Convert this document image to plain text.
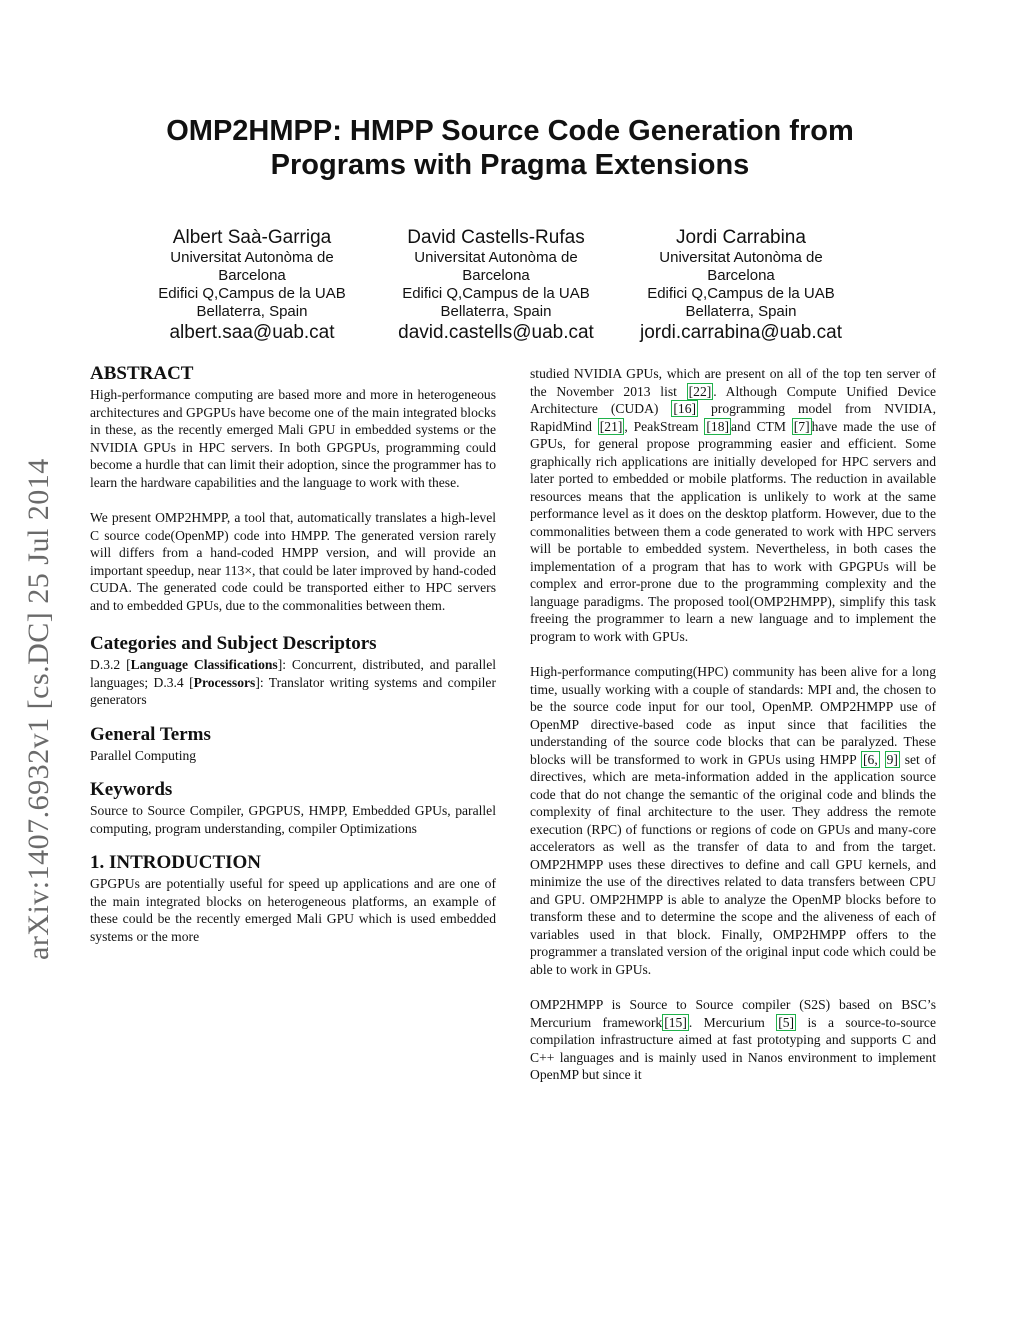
arXiv:1407.6932v1 [cs.DC] 25 Jul 2014
OMP2HMPP: HMPP Source Code Generation from
Programs with Pragma Extensions
Albert Saà-Garriga
Universitat Autonòma de
Barcelona
Edifici Q,Campus de la UAB
Bellaterra, Spain
albert.saa@uab.cat
David Castells-Rufas
Universitat Autonòma de
Barcelona
Edifici Q,Campus de la UAB
Bellaterra, Spain
david.castells@uab.cat
Jordi Carrabina
Universitat Autonòma de
Barcelona
Edifici Q,Campus de la UAB
Bellaterra, Spain
jordi.carrabina@uab.cat
ABSTRACT

High-performance computing are based more and more in heterogeneous architectures and GPGPUs have become one of the main integrated blocks in these, as the recently emerged Mali GPU in embedded systems or the NVIDIA GPUs in HPC servers. In both GPGPUs, programming could become a hurdle that can limit their adoption, since the programmer has to learn the hardware capabilities and the language to work with these.

We present OMP2HMPP, a tool that, automatically translates a high-level C source code(OpenMP) code into HMPP. The generated version rarely will differs from a hand-coded HMPP version, and will provide an important speedup, near 113×, that could be later improved by hand-coded CUDA. The generated code could be transported either to HPC servers and to embedded GPUs, due to the commonalities between them.

Categories and Subject Descriptors

D.3.2 [Language Classifications]: Concurrent, distributed, and parallel languages; D.3.4 [Processors]: Translator writing systems and compiler generators

General Terms

Parallel Computing

Keywords

Source to Source Compiler, GPGPUS, HMPP, Embedded GPUs, parallel computing, program understanding, compiler Optimizations

1. INTRODUCTION

GPGPUs are potentially useful for speed up applications and are one of the main integrated blocks on heterogeneous platforms, an example of these could be the recently emerged Mali GPU which is used embedded systems or the more

studied NVIDIA GPUs, which are present on all of the top ten server of the November 2013 list [22] . Although Compute Unified Device Architecture (CUDA) [16] programming model from NVIDIA, RapidMind [21] , PeakStream [18] and CTM [7] have made the use of GPUs, for general propose programming easier and efficient. Some graphically rich applications are initially developed for HPC servers and later ported to embedded or mobile platforms. The reduction in available resources means that the application is unlikely to work at the same performance level as it does on the desktop platform. However, due to the commonalities between them a code generated to work with HPC servers will be portable to embedded system. Nevertheless, in both cases the implementation of a program that has to work with GPGPUs will be complex and error-prone due to the programming complexity and the language paradigms. The proposed tool(OMP2HMPP), simplify this task freeing the programmer to learn a new language and to implement the program to work with GPUs.

High-performance computing(HPC) community has been alive for a long time, usually working with a couple of standards: MPI and, the chosen to be the source code input for our tool, OpenMP. OMP2HMPP use of OpenMP directive-based code as input since that facilities the understanding of the source code blocks that can be paralyzed. These blocks will be transformed to work in GPUs using HMPP [6, 9] set of directives, which are meta-information added in the application source code that do not change the semantic of the original code and blinds the complexity of final architecture to the user. They address the remote execution (RPC) of functions or regions of code on GPUs and many-core accelerators as well as the transfer of data to and from the target. OMP2HMPP uses these directives to define and call GPU kernels, and minimize the use of the directives related to data transfers between CPU and GPU. OMP2HMPP is able to analyze the OpenMP blocks before to transform these and to determine the scope and the aliveness of each of variables used in that block. Finally, OMP2HMPP offers to the programmer a translated version of the original input code which could be able to work in GPUs.

OMP2HMPP is Source to Source compiler (S2S) based on BSC’s Mercurium framework [15] . Mercurium [5] is a source-to-source compilation infrastructure aimed at fast prototyping and supports C and C++ languages and is mainly used in Nanos environment to implement OpenMP but since it
